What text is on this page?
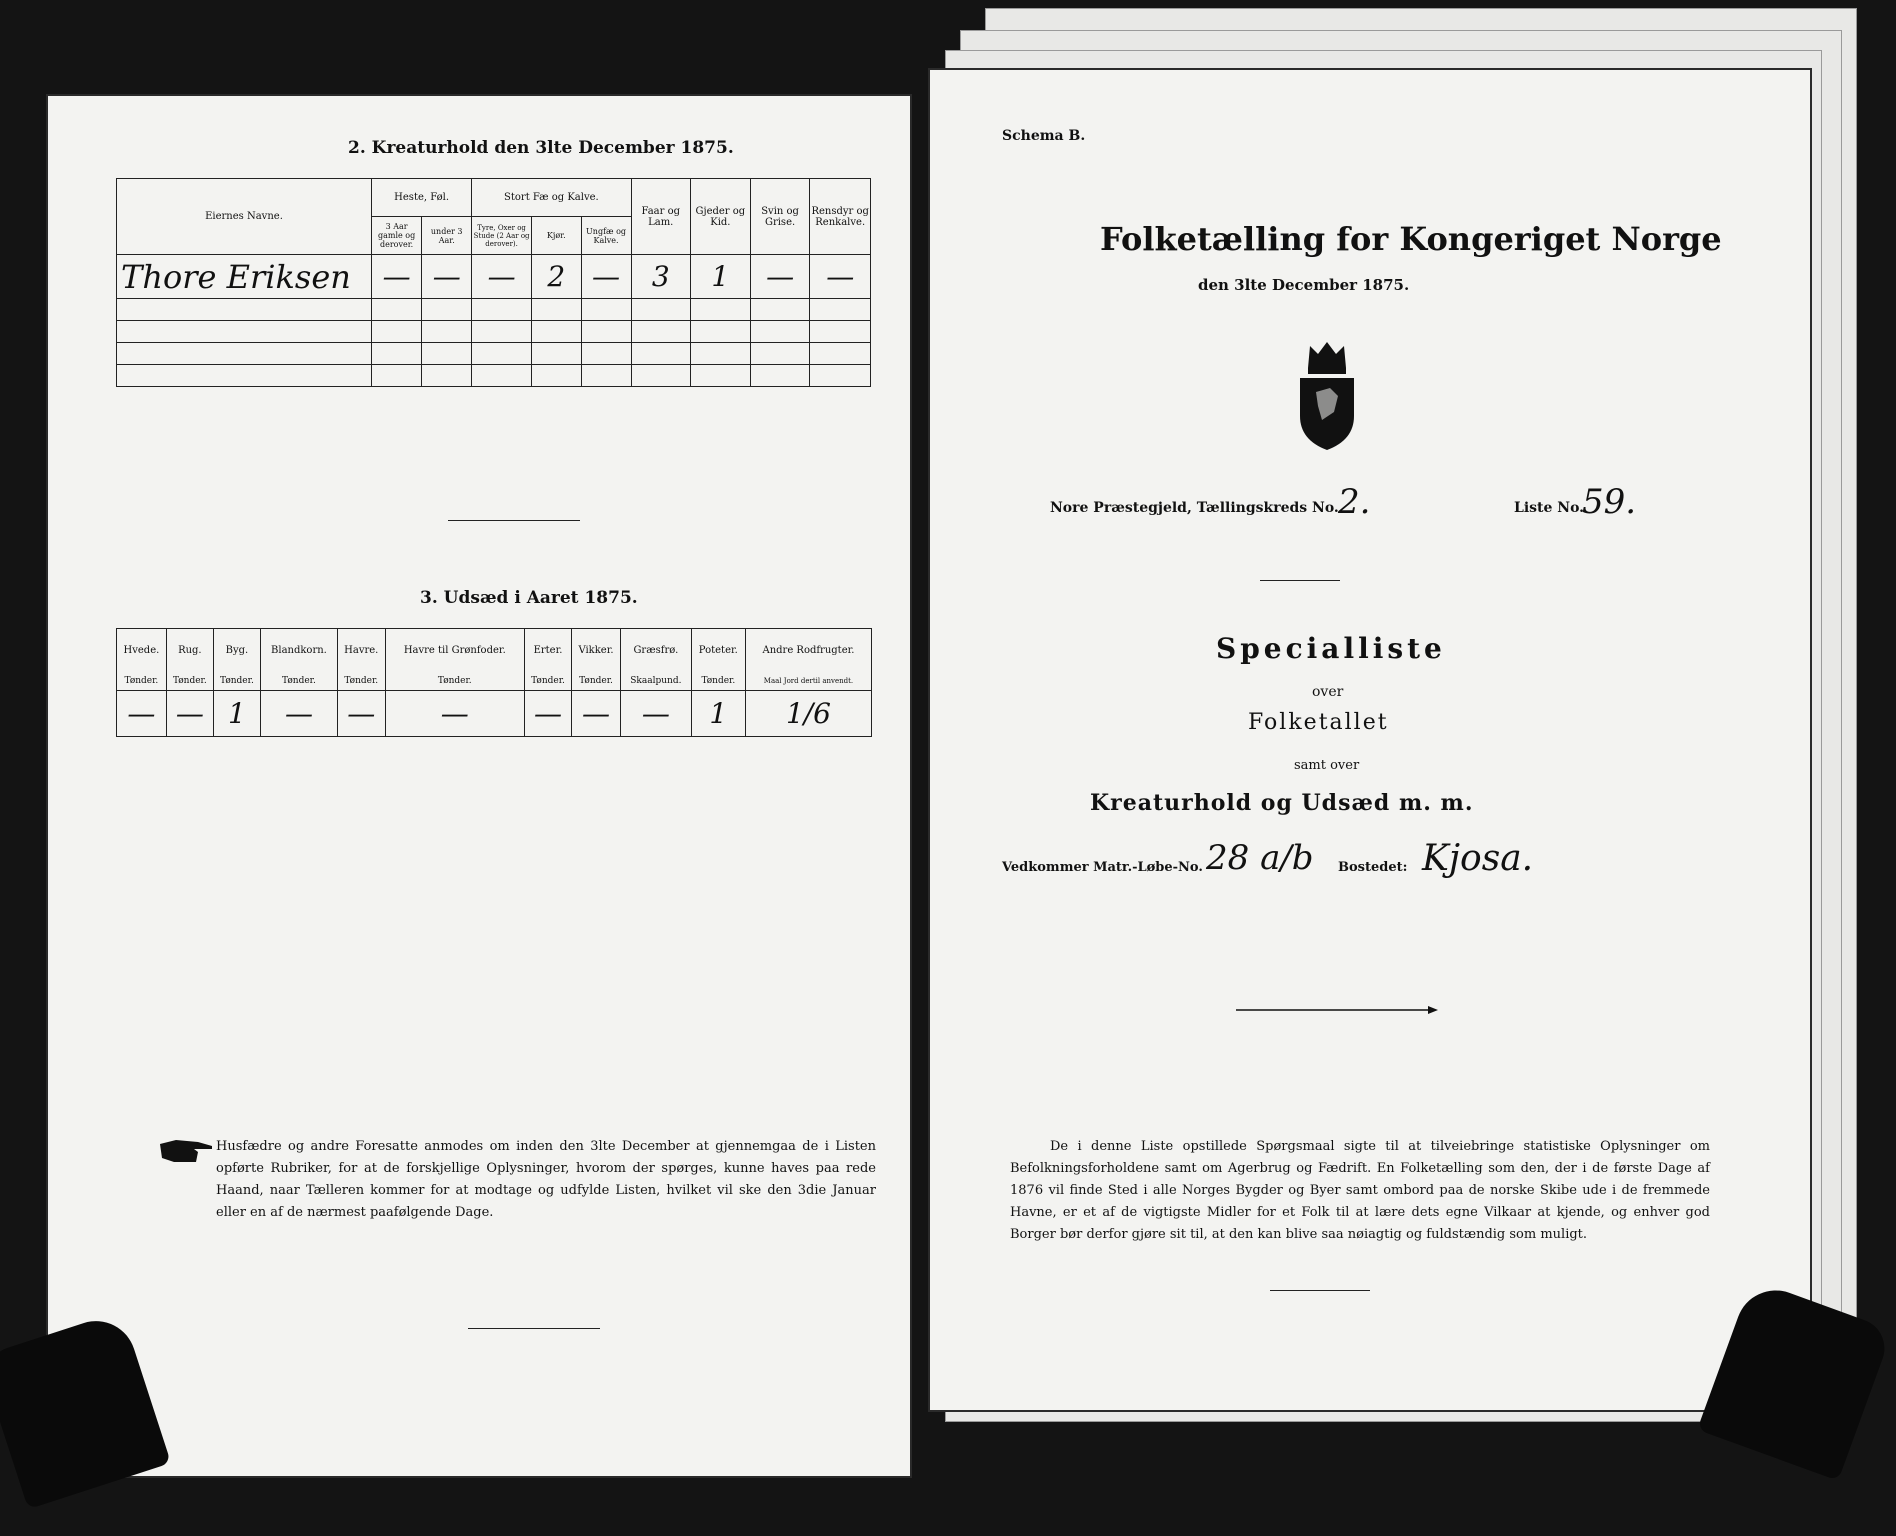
2. Kreaturhold den 3lte December 1875.
Eiernes Navne.	Heste, Føl.		Stort Fæ og Kalve.			Faar og Lam.	Gjeder og Kid.	Svin og Grise.	Rensdyr og Renkalve.
	3 Aar gamle og derover.	under 3 Aar.	Tyre, Oxer og Stude (2 Aar og derover).	Kjør.	Ungfæ og Kalve.				
Thore Eriksen	—	—	—	2	—	3	1	—	—

3. Udsæd i Aaret 1875.
Hvede.	Rug.	Byg.	Blandkorn.	Havre.	Havre til Grønfoder.	Erter.	Vikker.	Græsfrø.	Poteter.	Andre Rodfrugter.
Tønder.	Tønder.	Tønder.	Tønder.	Tønder.	Tønder.	Tønder.	Tønder.	Skaalpund.	Tønder.	Maal Jord dertil anvendt.
—	—	1	—	—	—	—	—	—	1	1/6
Husfædre og andre Foresatte anmodes om inden den 3lte December at gjennemgaa de i Listen opførte Rubriker, for at de forskjellige Oplysninger, hvorom der spørges, kunne haves paa rede Haand, naar Tælleren kommer for at modtage og udfylde Listen, hvilket vil ske den 3die Januar eller en af de nærmest paafølgende Dage.
Schema B.
Folketælling for Kongeriget Norge
den 3lte December 1875.
Nore Præstegjeld, Tællingskreds No. 2.	Liste No.
59.
Specialliste
over
Folketallet
samt over
Kreaturhold og Udsæd m. m.
Vedkommer Matr.-Løbe-No. 28 a/b Bostedet: Kjosa.
De i denne Liste opstillede Spørgsmaal sigte til at tilveiebringe statistiske Oplysninger om Befolkningsforholdene samt om Agerbrug og Fædrift. En Folketælling som den, der i de første Dage af 1876 vil finde Sted i alle Norges Bygder og Byer samt ombord paa de norske Skibe ude i de fremmede Havne, er et af de vigtigste Midler for et Folk til at lære dets egne Vilkaar at kjende, og enhver god Borger bør derfor gjøre sit til, at den kan blive saa nøiagtig og fuldstændig som muligt.
